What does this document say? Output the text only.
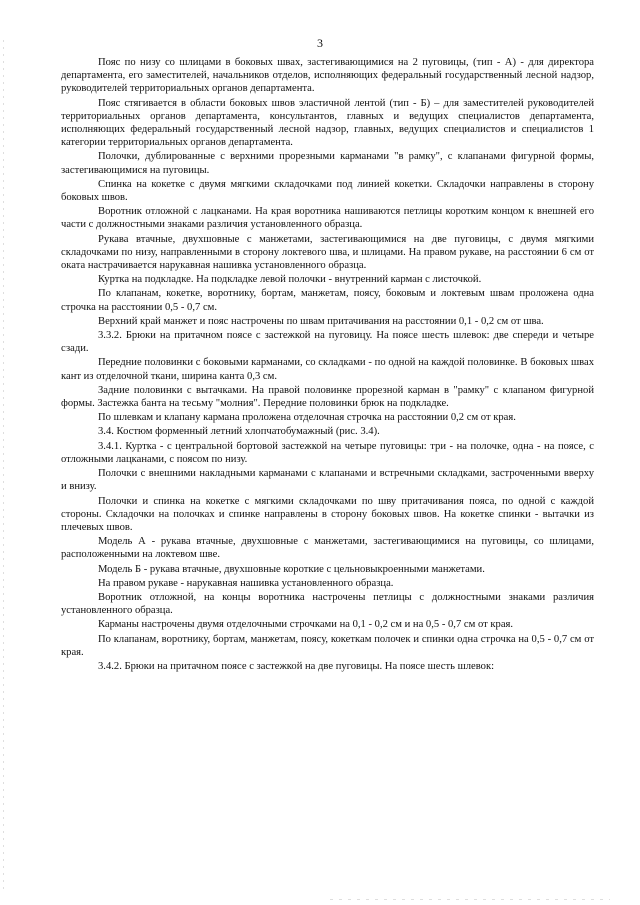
3

Пояс по низу со шлицами в боковых швах, застегивающимися на 2 пуговицы, (тип - А) - для директора департамента, его заместителей, начальников отделов, исполняющих федеральный государственный лесной надзор, руководителей территориальных органов департамента.

Пояс стягивается в области боковых швов эластичной лентой (тип - Б) – для заместителей руководителей территориальных органов департамента, консультантов, главных и ведущих специалистов департамента, исполняющих федеральный государственный лесной надзор, главных, ведущих специалистов и специалистов 1 категории территориальных органов департамента.

Полочки, дублированные с верхними прорезными карманами "в рамку", с клапанами фигурной формы, застегивающимися на пуговицы.

Спинка на кокетке с двумя мягкими складочками под линией кокетки. Складочки направлены в сторону боковых швов.

Воротник отложной с лацканами. На края воротника нашиваются петлицы коротким концом к внешней его части с должностными знаками различия установленного образца.

Рукава втачные, двухшовные с манжетами, застегивающимися на две пуговицы, с двумя мягкими складочками по низу, направленными в сторону локтевого шва, и шлицами. На правом рукаве, на расстоянии 6 см от оката настрачивается нарукавная нашивка установленного образца.

Куртка на подкладке. На подкладке левой полочки - внутренний карман с листочкой.

По клапанам, кокетке, воротнику, бортам, манжетам, поясу, боковым и локтевым швам проложена одна строчка на расстоянии 0,5 - 0,7 см.

Верхний край манжет и пояс настрочены по швам притачивания на расстоянии 0,1 - 0,2 см от шва.

3.3.2. Брюки на притачном поясе с застежкой на пуговицу. На поясе шесть шлевок: две спереди и четыре сзади.

Передние половинки с боковыми карманами, со складками - по одной на каждой половинке. В боковых швах кант из отделочной ткани, ширина канта 0,3 см.

Задние половинки с вытачками. На правой половинке прорезной карман в "рамку" с клапаном фигурной формы. Застежка банта на тесьму "молния". Передние половинки брюк на подкладке.

По шлевкам и клапану кармана проложена отделочная строчка на расстоянии 0,2 см от края.

3.4. Костюм форменный летний хлопчатобумажный (рис. 3.4).

3.4.1. Куртка - с центральной бортовой застежкой на четыре пуговицы: три - на полочке, одна - на поясе, с отложными лацканами, с поясом по низу.

Полочки с внешними накладными карманами с клапанами и встречными складками, застроченными вверху и внизу.

Полочки и спинка на кокетке с мягкими складочками по шву притачивания пояса, по одной с каждой стороны. Складочки на полочках и спинке направлены в сторону боковых швов. На кокетке спинки - вытачки из плечевых швов.

Модель А - рукава втачные, двухшовные с манжетами, застегивающимися на пуговицы, со шлицами, расположенными на локтевом шве.

Модель Б - рукава втачные, двухшовные короткие с цельновыкроенными манжетами.

На правом рукаве - нарукавная нашивка установленного образца.

Воротник отложной, на концы воротника настрочены петлицы с должностными знаками различия установленного образца.

Карманы настрочены двумя отделочными строчками на 0,1 - 0,2 см и на 0,5 - 0,7 см от края.

По клапанам, воротнику, бортам, манжетам, поясу, кокеткам полочек и спинки одна строчка на 0,5 - 0,7 см от края.

3.4.2. Брюки на притачном поясе с застежкой на две пуговицы. На поясе шесть шлевок:
